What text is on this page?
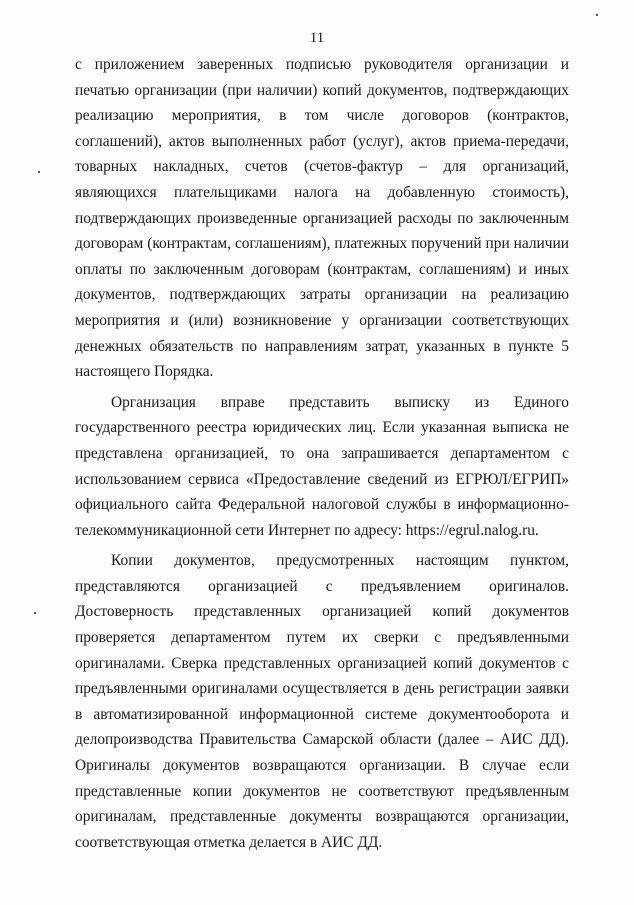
11

с приложением заверенных подписью руководителя организации и печатью организации (при наличии) копий документов, подтверждающих реализацию мероприятия, в том числе договоров (контрактов, соглашений), актов выполненных работ (услуг), актов приема-передачи, товарных накладных, счетов (счетов-фактур – для организаций, являющихся плательщиками налога на добавленную стоимость), подтверждающих произведенные организацией расходы по заключенным договорам (контрактам, соглашениям), платежных поручений при наличии оплаты по заключенным договорам (контрактам, соглашениям) и иных документов, подтверждающих затраты организации на реализацию мероприятия и (или) возникновение у организации соответствующих денежных обязательств по направлениям затрат, указанных в пункте 5 настоящего Порядка.

Организация вправе представить выписку из Единого государственного реестра юридических лиц. Если указанная выписка не представлена организацией, то она запрашивается департаментом с использованием сервиса «Предоставление сведений из ЕГРЮЛ/ЕГРИП» официального сайта Федеральной налоговой службы в информационно-телекоммуникационной сети Интернет по адресу: https://egrul.nalog.ru.

Копии документов, предусмотренных настоящим пунктом, представляются организацией с предъявлением оригиналов. Достоверность представленных организацией копий документов проверяется департаментом путем их сверки с предъявленными оригиналами. Сверка представленных организацией копий документов с предъявленными оригиналами осуществляется в день регистрации заявки в автоматизированной информационной системе документооборота и делопроизводства Правительства Самарской области (далее – АИС ДД). Оригиналы документов возвращаются организации. В случае если представленные копии документов не соответствуют предъявленным оригиналам, представленные документы возвращаются организации, соответствующая отметка делается в АИС ДД.
